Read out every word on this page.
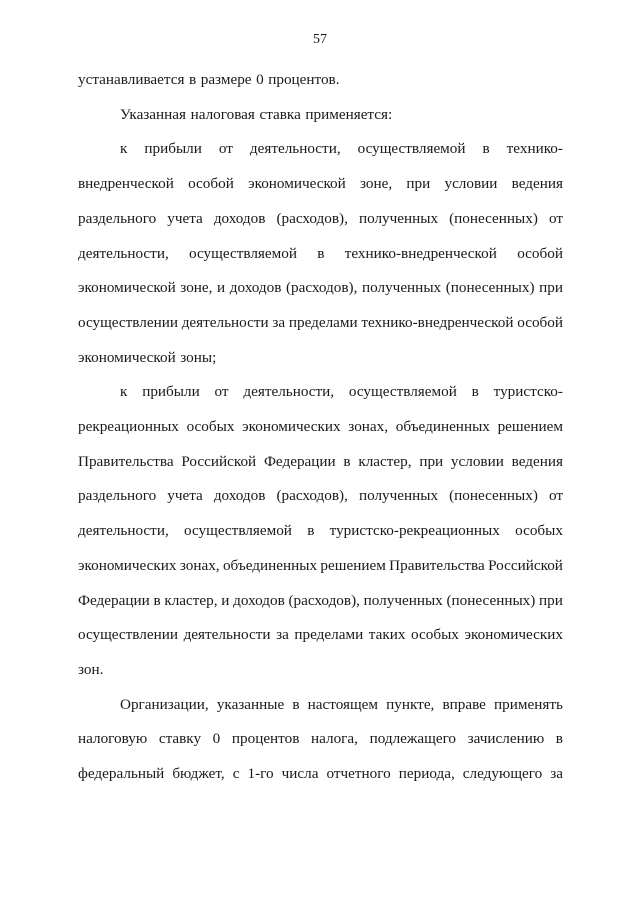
57
устанавливается в размере 0 процентов.
Указанная налоговая ставка применяется:
к прибыли от деятельности, осуществляемой в технико-
внедренческой особой экономической зоне, при условии ведения
раздельного учета доходов (расходов), полученных (понесенных) от
деятельности, осуществляемой в технико-внедренческой особой
экономической зоне, и доходов (расходов), полученных (понесенных) при
осуществлении деятельности за пределами технико-внедренческой особой
экономической зоны;
к прибыли от деятельности, осуществляемой в туристско-
рекреационных особых экономических зонах, объединенных решением
Правительства Российской Федерации в кластер, при условии ведения
раздельного учета доходов (расходов), полученных (понесенных) от
деятельности, осуществляемой в туристско-рекреационных особых
экономических зонах, объединенных решением Правительства Российской
Федерации в кластер, и доходов (расходов), полученных (понесенных) при
осуществлении деятельности за пределами таких особых экономических
зон.
Организации, указанные в настоящем пункте, вправе применять
налоговую ставку 0 процентов налога, подлежащего зачислению в
федеральный бюджет, с 1-го числа отчетного периода, следующего за
